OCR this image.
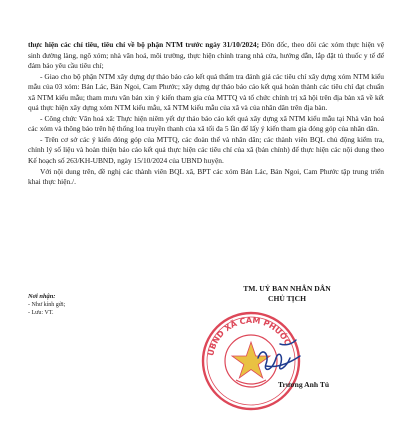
thực hiện các chỉ tiêu, tiêu chí về bộ phận NTM trước ngày 31/10/2024; Đôn đốc, theo dõi các xóm thực hiện vệ sinh đường làng, ngõ xóm; nhà văn hoá, môi trường, thực hiện chỉnh trang nhà cửa, hướng dẫn, lắp đặt tủ thuốc y tế để đảm bảo yêu cầu tiêu chí;

- Giao cho bộ phận NTM xây dựng dự thảo báo cáo kết quả thẩm tra đánh giá các tiêu chí xây dựng xóm NTM kiểu mẫu của 03 xóm: Bản Lác, Bản Ngoi, Cam Phước; xây dựng dự thảo báo cáo kết quả hoàn thành các tiêu chí đạt chuẩn xã NTM kiểu mẫu; tham mưu văn bản xin ý kiến tham gia của MTTQ và tổ chức chính trị xã hội trên địa bàn xã về kết quả thực hiện xây dựng xóm NTM kiểu mẫu, xã NTM kiểu mẫu của xã và của nhân dân trên địa bàn.

- Công chức Văn hoá xã: Thực hiện niêm yết dự thảo báo cáo kết quả xây dựng xã NTM kiểu mẫu tại Nhà văn hoá các xóm và thông báo trên hệ thống loa truyền thanh của xã tối đa 5 lần để lấy ý kiến tham gia đóng góp của nhân dân.

- Trên cơ sở các ý kiến đóng góp của MTTQ, các đoàn thể và nhân dân; các thành viên BQL chủ động kiểm tra, chỉnh lý số liệu và hoàn thiện báo cáo kết quả thực hiện các tiêu chí của xã (bản chính) để thực hiện các nội dung theo Kế hoạch số 263/KH-UBND, ngày 15/10/2024 của UBND huyện.

Với nội dung trên, đề nghị các thành viên BQL xã, BPT các xóm Bản Lác, Bản Ngoi, Cam Phước tập trung triển khai thực hiện./.

Nơi nhận:
- Như kính gửi;
- Lưu: VT.
TM. UỶ BAN NHÂN DÂN
CHỦ TỊCH
UBND XÃ CAM PHƯỚC
Trương Anh Tú
